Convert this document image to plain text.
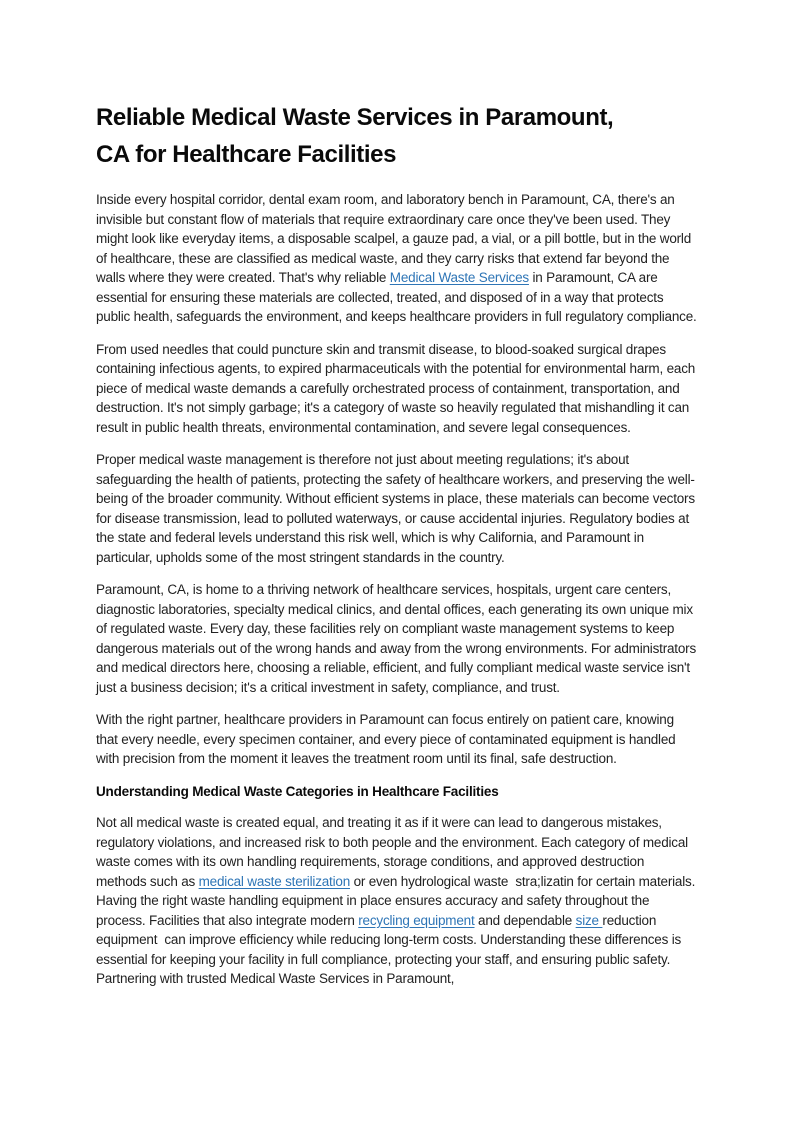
Reliable Medical Waste Services in Paramount,
CA for Healthcare Facilities

Inside every hospital corridor, dental exam room, and laboratory bench in Paramount, CA, there's an invisible but constant flow of materials that require extraordinary care once they've been used. They might look like everyday items, a disposable scalpel, a gauze pad, a vial, or a pill bottle, but in the world of healthcare, these are classified as medical waste, and they carry risks that extend far beyond the walls where they were created. That's why reliable Medical Waste Services in Paramount, CA are essential for ensuring these materials are collected, treated, and disposed of in a way that protects public health, safeguards the environment, and keeps healthcare providers in full regulatory compliance.

From used needles that could puncture skin and transmit disease, to blood-soaked surgical drapes containing infectious agents, to expired pharmaceuticals with the potential for environmental harm, each piece of medical waste demands a carefully orchestrated process of containment, transportation, and destruction. It's not simply garbage; it's a category of waste so heavily regulated that mishandling it can result in public health threats, environmental contamination, and severe legal consequences.

Proper medical waste management is therefore not just about meeting regulations; it's about safeguarding the health of patients, protecting the safety of healthcare workers, and preserving the well-being of the broader community. Without efficient systems in place, these materials can become vectors for disease transmission, lead to polluted waterways, or cause accidental injuries. Regulatory bodies at the state and federal levels understand this risk well, which is why California, and Paramount in particular, upholds some of the most stringent standards in the country.

Paramount, CA, is home to a thriving network of healthcare services, hospitals, urgent care centers, diagnostic laboratories, specialty medical clinics, and dental offices, each generating its own unique mix of regulated waste. Every day, these facilities rely on compliant waste management systems to keep dangerous materials out of the wrong hands and away from the wrong environments. For administrators and medical directors here, choosing a reliable, efficient, and fully compliant medical waste service isn't just a business decision; it's a critical investment in safety, compliance, and trust.

With the right partner, healthcare providers in Paramount can focus entirely on patient care, knowing that every needle, every specimen container, and every piece of contaminated equipment is handled with precision from the moment it leaves the treatment room until its final, safe destruction.

Understanding Medical Waste Categories in Healthcare Facilities

Not all medical waste is created equal, and treating it as if it were can lead to dangerous mistakes, regulatory violations, and increased risk to both people and the environment. Each category of medical waste comes with its own handling requirements, storage conditions, and approved destruction methods such as medical waste sterilization or even hydrological waste  stra;lizatin for certain materials. Having the right waste handling equipment in place ensures accuracy and safety throughout the process. Facilities that also integrate modern recycling equipment and dependable size reduction equipment  can improve efficiency while reducing long-term costs. Understanding these differences is essential for keeping your facility in full compliance, protecting your staff, and ensuring public safety. Partnering with trusted Medical Waste Services in Paramount,
